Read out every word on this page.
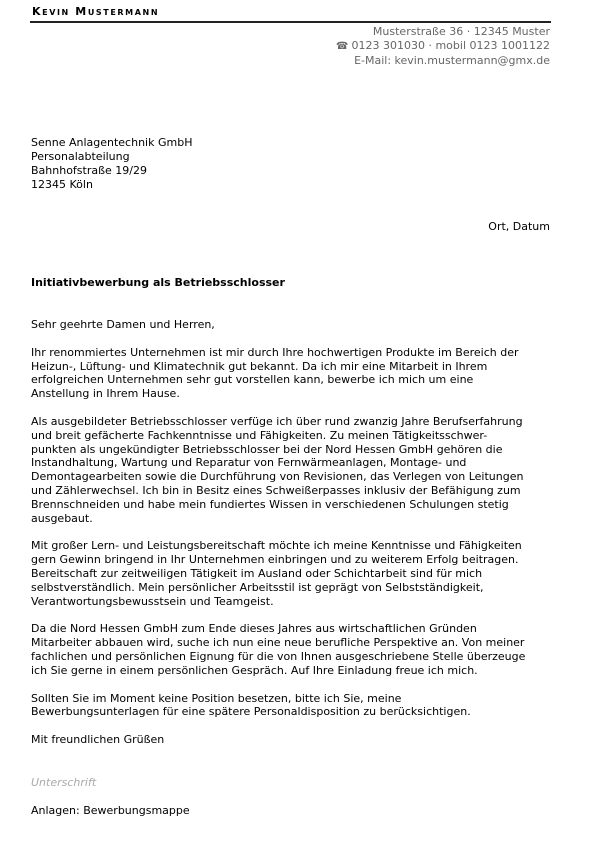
Kevin Mustermann
Musterstraße 36 · 12345 Muster
☎ 0123 301030 · mobil 0123 1001122
E-Mail: kevin.mustermann@gmx.de
Senne Anlagentechnik GmbH
Personalabteilung
Bahnhofstraße 19/29
12345 Köln
Ort, Datum
Initiativbewerbung als Betriebsschlosser

Sehr geehrte Damen und Herren,

Ihr renommiertes Unternehmen ist mir durch Ihre hochwertigen Produkte im Bereich der
Heizun-, Lüftung- und Klimatechnik gut bekannt. Da ich mir eine Mitarbeit in Ihrem
erfolgreichen Unternehmen sehr gut vorstellen kann, bewerbe ich mich um eine
Anstellung in Ihrem Hause.

Als ausgebildeter Betriebsschlosser verfüge ich über rund zwanzig Jahre Berufserfahrung
und breit gefächerte Fachkenntnisse und Fähigkeiten. Zu meinen Tätigkeitsschwer-
punkten als ungekündigter Betriebsschlosser bei der Nord Hessen GmbH gehören die
Instandhaltung, Wartung und Reparatur von Fernwärmeanlagen, Montage- und
Demontagearbeiten sowie die Durchführung von Revisionen, das Verlegen von Leitungen
und Zählerwechsel. Ich bin in Besitz eines Schweißerpasses inklusiv der Befähigung zum
Brennschneiden und habe mein fundiertes Wissen in verschiedenen Schulungen stetig
ausgebaut.

Mit großer Lern- und Leistungsbereitschaft möchte ich meine Kenntnisse und Fähigkeiten
gern Gewinn bringend in Ihr Unternehmen einbringen und zu weiterem Erfolg beitragen.
Bereitschaft zur zeitweiligen Tätigkeit im Ausland oder Schichtarbeit sind für mich
selbstverständlich. Mein persönlicher Arbeitsstil ist geprägt von Selbstständigkeit,
Verantwortungsbewusstsein und Teamgeist.

Da die Nord Hessen GmbH zum Ende dieses Jahres aus wirtschaftlichen Gründen
Mitarbeiter abbauen wird, suche ich nun eine neue berufliche Perspektive an. Von meiner
fachlichen und persönlichen Eignung für die von Ihnen ausgeschriebene Stelle überzeuge
ich Sie gerne in einem persönlichen Gespräch. Auf Ihre Einladung freue ich mich.

Sollten Sie im Moment keine Position besetzen, bitte ich Sie, meine
Bewerbungsunterlagen für eine spätere Personaldisposition zu berücksichtigen.

Mit freundlichen Grüßen

Unterschrift
Anlagen: Bewerbungsmappe
